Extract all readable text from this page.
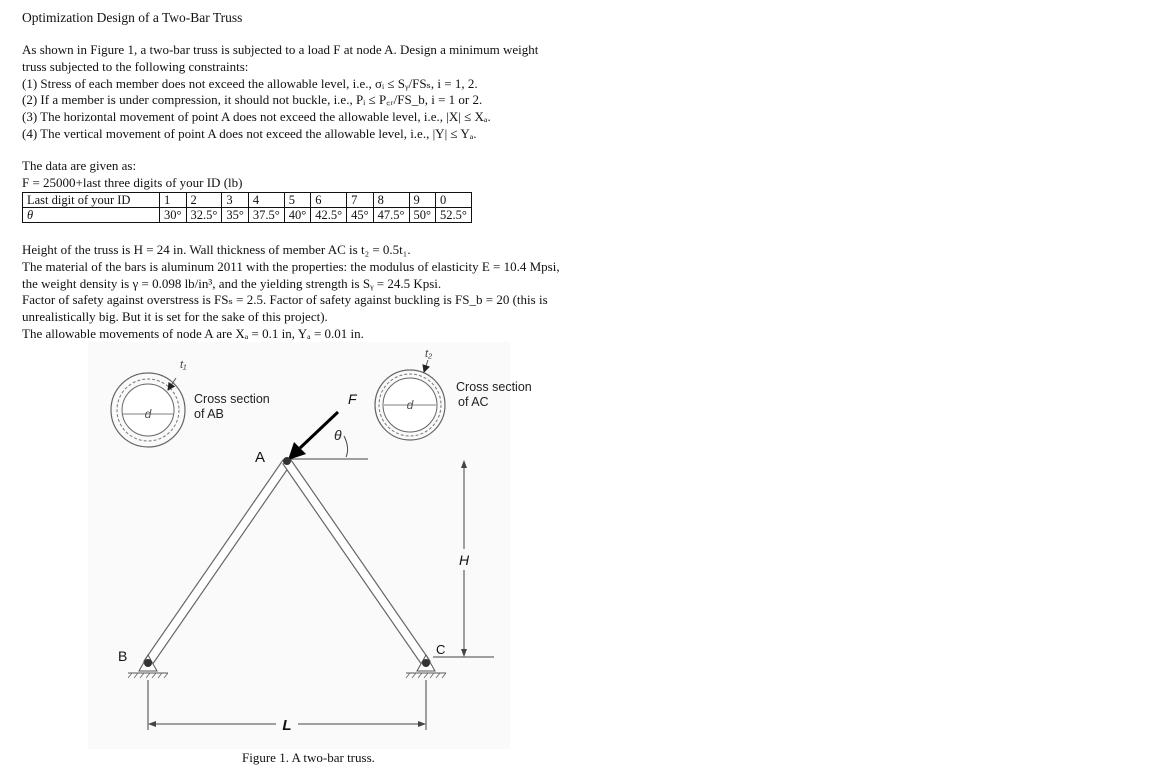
Optimization Design of a Two-Bar Truss

As shown in Figure 1, a two-bar truss is subjected to a load F at node A. Design a minimum weight

truss subjected to the following constraints:

(1) Stress of each member does not exceed the allowable level, i.e., σᵢ ≤ Sᵧ/FSₛ, i = 1, 2.

(2) If a member is under compression, it should not buckle, i.e., Pᵢ ≤ P꜀ᵣ/FS_b, i = 1 or 2.

(3) The horizontal movement of point A does not exceed the allowable level, i.e., |X| ≤ Xₐ.

(4) The vertical movement of point A does not exceed the allowable level, i.e., |Y| ≤ Yₐ.

The data are given as:

F = 25000+last three digits of your ID (lb)

Last digit of your ID	1	2	3	4	5	6	7	8	9	0
θ	30°	32.5°	35°	37.5°	40°	42.5°	45°	47.5°	50°	52.5°

Height of the truss is H = 24 in. Wall thickness of member AC is t₂ = 0.5t₁.

The material of the bars is aluminum 2011 with the properties: the modulus of elasticity E = 10.4 Mpsi,

the weight density is γ = 0.098 lb/in³, and the yielding strength is Sᵧ = 24.5 Kpsi.

Factor of safety against overstress is FSₛ = 2.5. Factor of safety against buckling is FS_b = 20 (this is

unrealistically big. But it is set for the sake of this project).

The allowable movements of node A are Xₐ = 0.1 in, Yₐ = 0.01 in.

d
t₁
Cross section
of AB
d
t₂
Cross section
of AC
θ
F
A
B	C
H
L
Figure 1. A two-bar truss.
